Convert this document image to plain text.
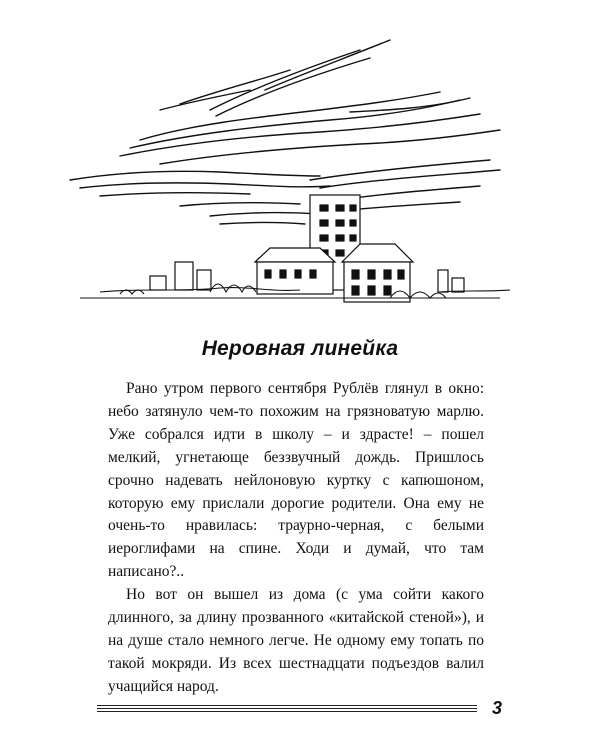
Неровная линейка

Рано утром первого сентября Рублёв глянул в окно: небо затянуло чем-то похожим на грязноватую марлю. Уже собрался идти в школу – и здрасте! – пошел мелкий, угнетающе беззвучный дождь. Пришлось срочно надевать нейлоновую куртку с капюшоном, которую ему прислали дорогие родители. Она ему не очень-то нравилась: траурно-черная, с белыми иероглифами на спине. Ходи и думай, что там написано?..

Но вот он вышел из дома (с ума сойти какого длинного, за длину прозванного «китайской стеной»), и на душе стало немного легче. Не одному ему топать по такой мокряди. Из всех шестнадцати подъездов валил учащийся народ.

3
